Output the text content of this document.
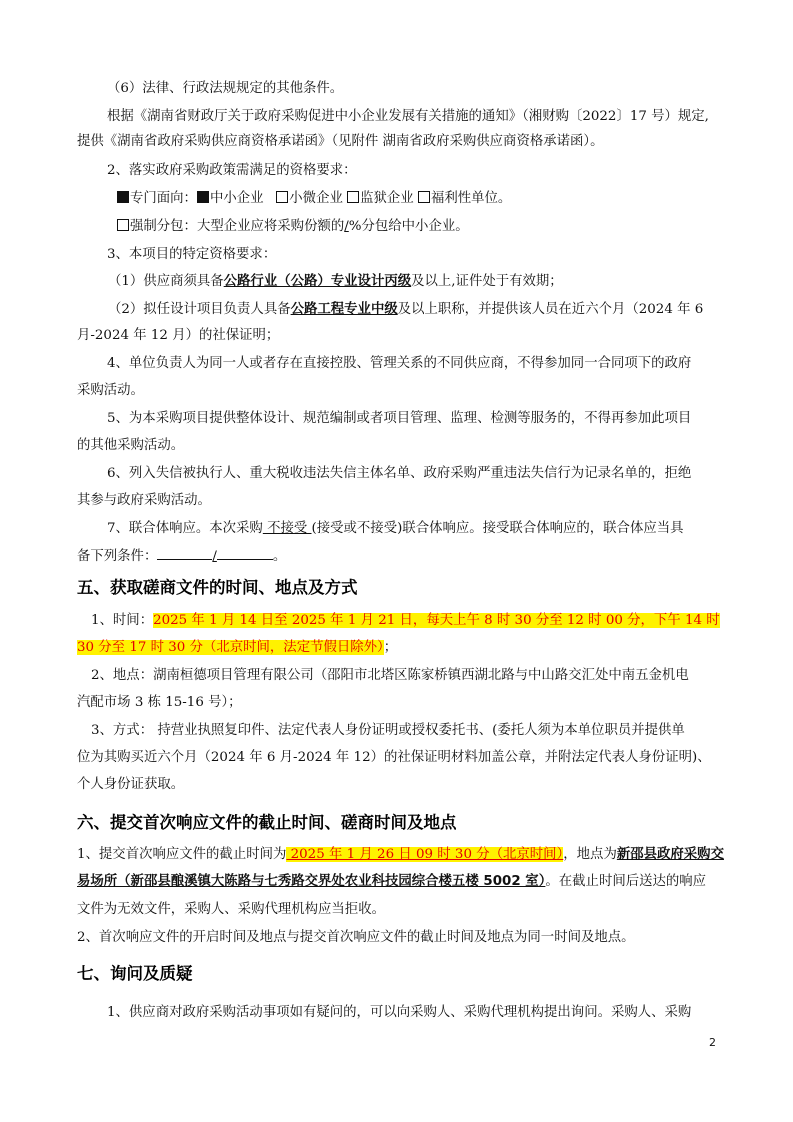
（6）法律、行政法规规定的其他条件。
根据《湖南省财政厅关于政府采购促进中小企业发展有关措施的通知》（湘财购〔2022〕17 号）规定,
提供《湖南省政府采购供应商资格承诺函》（见附件 湖南省政府采购供应商资格承诺函）。
2、落实政府采购政策需满足的资格要求：
专门面向： 中小企业 小微企业 监狱企业 福利性单位。
强制分包：大型企业应将采购份额的/%分包给中小企业。
3、本项目的特定资格要求：
（1）供应商须具备公路行业（公路）专业设计丙级及以上,证件处于有效期；
（2）拟任设计项目负责人具备公路工程专业中级及以上职称，并提供该人员在近六个月（2024 年 6
月-2024 年 12 月）的社保证明；
4、单位负责人为同一人或者存在直接控股、管理关系的不同供应商，不得参加同一合同项下的政府
采购活动。
5、为本采购项目提供整体设计、规范编制或者项目管理、监理、检测等服务的，不得再参加此项目
的其他采购活动。
6、列入失信被执行人、重大税收违法失信主体名单、政府采购严重违法失信行为记录名单的，拒绝
其参与政府采购活动。
7、联合体响应。本次采购 不接受 (接受或不接受)联合体响应。接受联合体响应的，联合体应当具
备下列条件：	/	。
五、获取磋商文件的时间、地点及方式
1、时间：2025 年 1 月 14 日至 2025 年 1 月 21 日，每天上午 8 时 30 分至 12 时 00 分，下午 14 时
30 分至 17 时 30 分（北京时间，法定节假日除外）；
2、地点：湖南桓德项目管理有限公司（邵阳市北塔区陈家桥镇西湖北路与中山路交汇处中南五金机电
汽配市场 3 栋 15-16 号）；
3、方式： 持营业执照复印件、法定代表人身份证明或授权委托书、(委托人须为本单位职员并提供单
位为其购买近六个月（2024 年 6 月-2024 年 12）的社保证明材料加盖公章，并附法定代表人身份证明)、
个人身份证获取。
六、提交首次响应文件的截止时间、磋商时间及地点
1、提交首次响应文件的截止时间为 2025 年 1 月 26 日 09 时 30 分（北京时间），地点为新邵县政府采购交
易场所（新邵县酿溪镇大陈路与七秀路交界处农业科技园综合楼五楼 5002 室）。在截止时间后送达的响应
文件为无效文件，采购人、采购代理机构应当拒收。
2、首次响应文件的开启时间及地点与提交首次响应文件的截止时间及地点为同一时间及地点。
七、询问及质疑
1、供应商对政府采购活动事项如有疑问的，可以向采购人、采购代理机构提出询问。采购人、采购
2
